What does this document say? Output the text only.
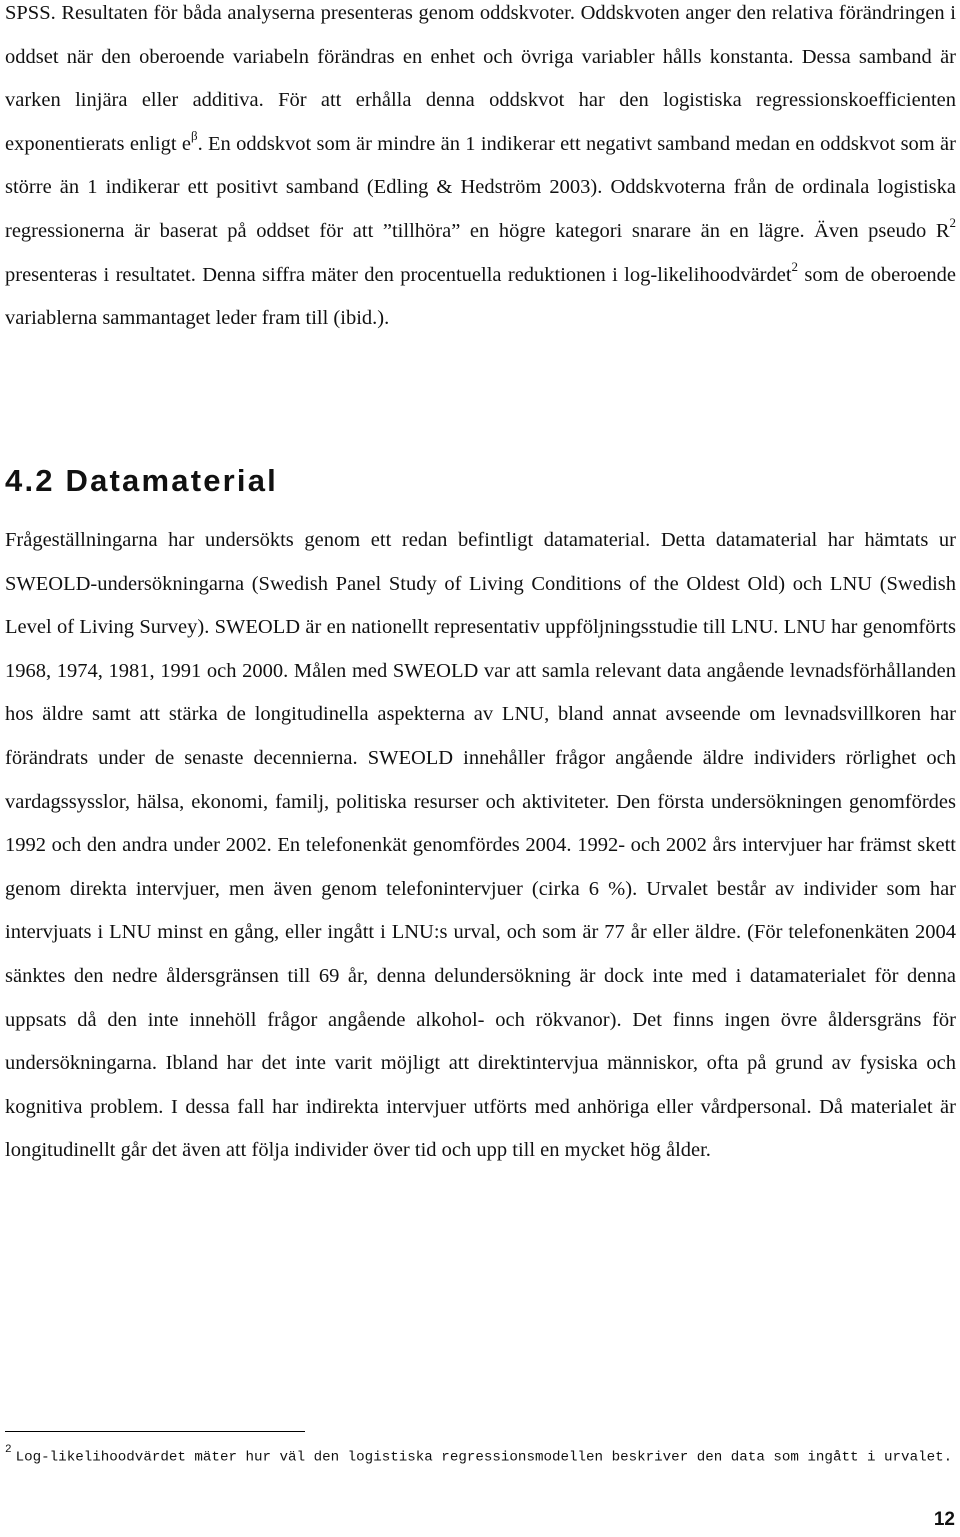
SPSS. Resultaten för båda analyserna presenteras genom oddskvoter. Oddskvoten anger den relativa förändringen i oddset när den oberoende variabeln förändras en enhet och övriga variabler hålls konstanta. Dessa samband är varken linjära eller additiva. För att erhålla denna oddskvot har den logistiska regressionskoefficienten exponentierats enligt $e^\beta$. En oddskvot som är mindre än 1 indikerar ett negativt samband medan en oddskvot som är större än 1 indikerar ett positivt samband (Edling & Hedström 2003). Oddskvoterna från de ordinala logistiska regressionerna är baserat på oddset för att ”tillhöra” en högre kategori snarare än en lägre. Även pseudo $R^2$ presenteras i resultatet. Denna siffra mäter den procentuella reduktionen i log-likelihoodvärdet$^2$ som de oberoende variablerna sammantaget leder fram till (ibid.).

4.2 Datamaterial

Frågeställningarna har undersökts genom ett redan befintligt datamaterial. Detta datamaterial har hämtats ur SWEOLD-undersökningarna (Swedish Panel Study of Living Conditions of the Oldest Old) och LNU (Swedish Level of Living Survey). SWEOLD är en nationellt representativ uppföljningsstudie till LNU. LNU har genomförts 1968, 1974, 1981, 1991 och 2000. Målen med SWEOLD var att samla relevant data angående levnadsförhållanden hos äldre samt att stärka de longitudinella aspekterna av LNU, bland annat avseende om levnadsvillkoren har förändrats under de senaste decennierna. SWEOLD innehåller frågor angående äldre individers rörlighet och vardagssysslor, hälsa, ekonomi, familj, politiska resurser och aktiviteter. Den första undersökningen genomfördes 1992 och den andra under 2002. En telefonenkät genomfördes 2004. 1992- och 2002 års intervjuer har främst skett genom direkta intervjuer, men även genom telefonintervjuer (cirka 6 %). Urvalet består av individer som har intervjuats i LNU minst en gång, eller ingått i LNU:s urval, och som är 77 år eller äldre. (För telefonenkäten 2004 sänktes den nedre åldersgränsen till 69 år, denna delundersökning är dock inte med i datamaterialet för denna uppsats då den inte innehöll frågor angående alkohol- och rökvanor). Det finns ingen övre åldersgräns för undersökningarna. Ibland har det inte varit möjligt att direktintervjua människor, ofta på grund av fysiska och kognitiva problem. I dessa fall har indirekta intervjuer utförts med anhöriga eller vårdpersonal. Då materialet är longitudinellt går det även att följa individer över tid och upp till en mycket hög ålder.

$^2$ Log-likelihoodvärdet mäter hur väl den logistiska regressionsmodellen beskriver den data som ingått i urvalet.

12
